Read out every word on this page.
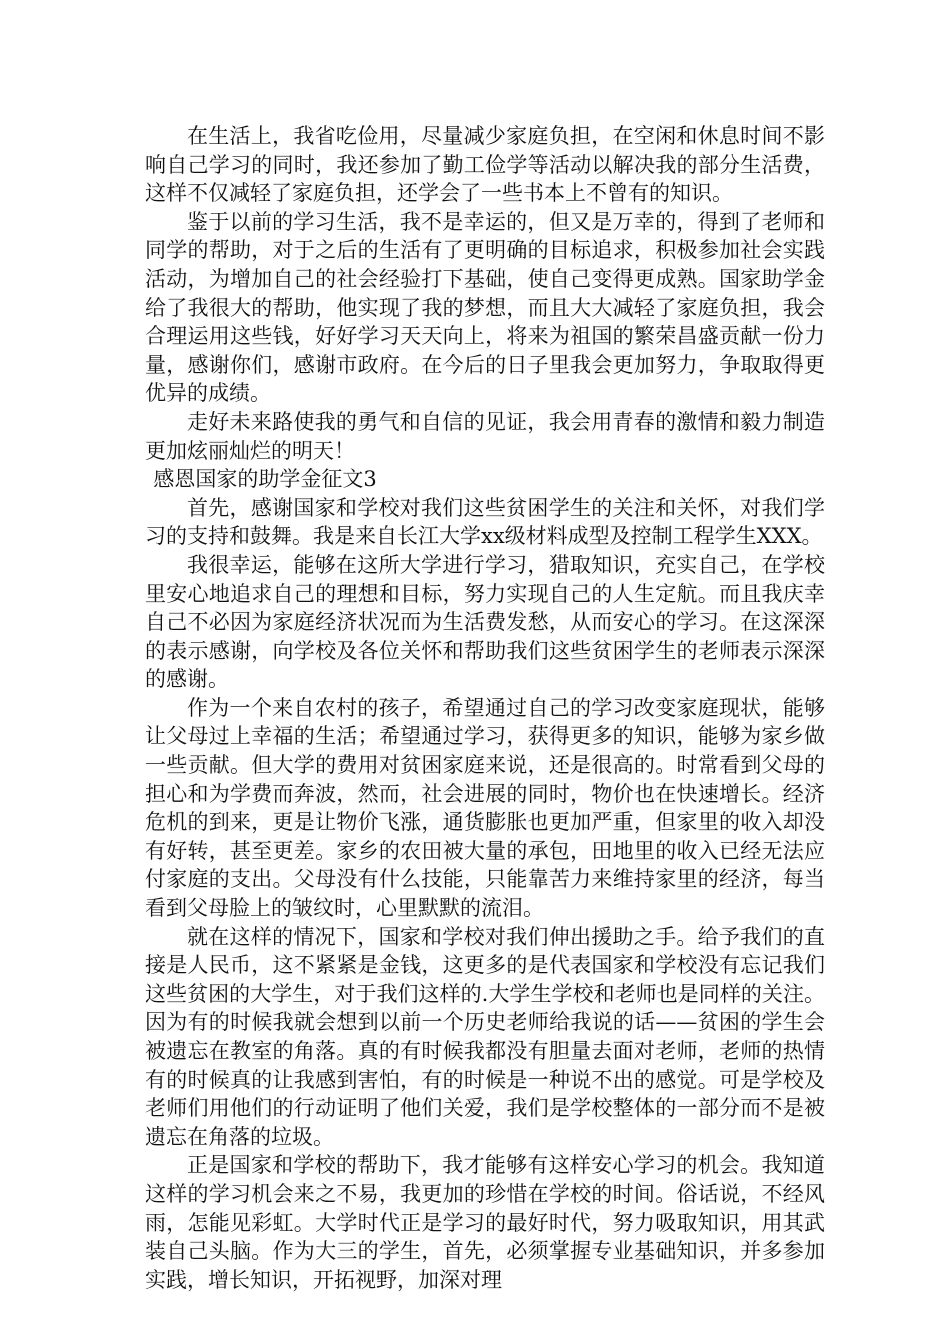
在生活上，我省吃俭用，尽量减少家庭负担，在空闲和休息时间不影响自己学习的同时，我还参加了勤工俭学等活动以解决我的部分生活费，这样不仅减轻了家庭负担，还学会了一些书本上不曾有的知识。

鉴于以前的学习生活，我不是幸运的，但又是万幸的，得到了老师和同学的帮助，对于之后的生活有了更明确的目标追求，积极参加社会实践活动，为增加自己的社会经验打下基础，使自己变得更成熟。国家助学金给了我很大的帮助，他实现了我的梦想，而且大大减轻了家庭负担，我会合理运用这些钱，好好学习天天向上，将来为祖国的繁荣昌盛贡献一份力量，感谢你们，感谢市政府。在今后的日子里我会更加努力，争取取得更优异的成绩。

走好未来路使我的勇气和自信的见证，我会用青春的激情和毅力制造更加炫丽灿烂的明天！

感恩国家的助学金征文3

首先，感谢国家和学校对我们这些贫困学生的关注和关怀，对我们学习的支持和鼓舞。我是来自长江大学xx级材料成型及控制工程学生XXX。

我很幸运，能够在这所大学进行学习，猎取知识，充实自己，在学校里安心地追求自己的理想和目标，努力实现自己的人生定航。而且我庆幸自己不必因为家庭经济状况而为生活费发愁，从而安心的学习。在这深深的表示感谢，向学校及各位关怀和帮助我们这些贫困学生的老师表示深深的感谢。

作为一个来自农村的孩子，希望通过自己的学习改变家庭现状，能够让父母过上幸福的生活；希望通过学习，获得更多的知识，能够为家乡做一些贡献。但大学的费用对贫困家庭来说，还是很高的。时常看到父母的担心和为学费而奔波，然而，社会进展的同时，物价也在快速增长。经济危机的到来，更是让物价飞涨，通货膨胀也更加严重，但家里的收入却没有好转，甚至更差。家乡的农田被大量的承包，田地里的收入已经无法应付家庭的支出。父母没有什么技能，只能靠苦力来维持家里的经济，每当看到父母脸上的皱纹时，心里默默的流泪。

就在这样的情况下，国家和学校对我们伸出援助之手。给予我们的直接是人民币，这不紧紧是金钱，这更多的是代表国家和学校没有忘记我们这些贫困的大学生，对于我们这样的.大学生学校和老师也是同样的关注。因为有的时候我就会想到以前一个历史老师给我说的话——贫困的学生会被遗忘在教室的角落。真的有时候我都没有胆量去面对老师，老师的热情有的时候真的让我感到害怕，有的时候是一种说不出的感觉。可是学校及老师们用他们的行动证明了他们关爱，我们是学校整体的一部分而不是被遗忘在角落的垃圾。

正是国家和学校的帮助下，我才能够有这样安心学习的机会。我知道这样的学习机会来之不易，我更加的珍惜在学校的时间。俗话说，不经风雨，怎能见彩虹。大学时代正是学习的最好时代，努力吸取知识，用其武装自己头脑。作为大三的学生，首先，必须掌握专业基础知识，并多参加实践，增长知识，开拓视野，加深对理
